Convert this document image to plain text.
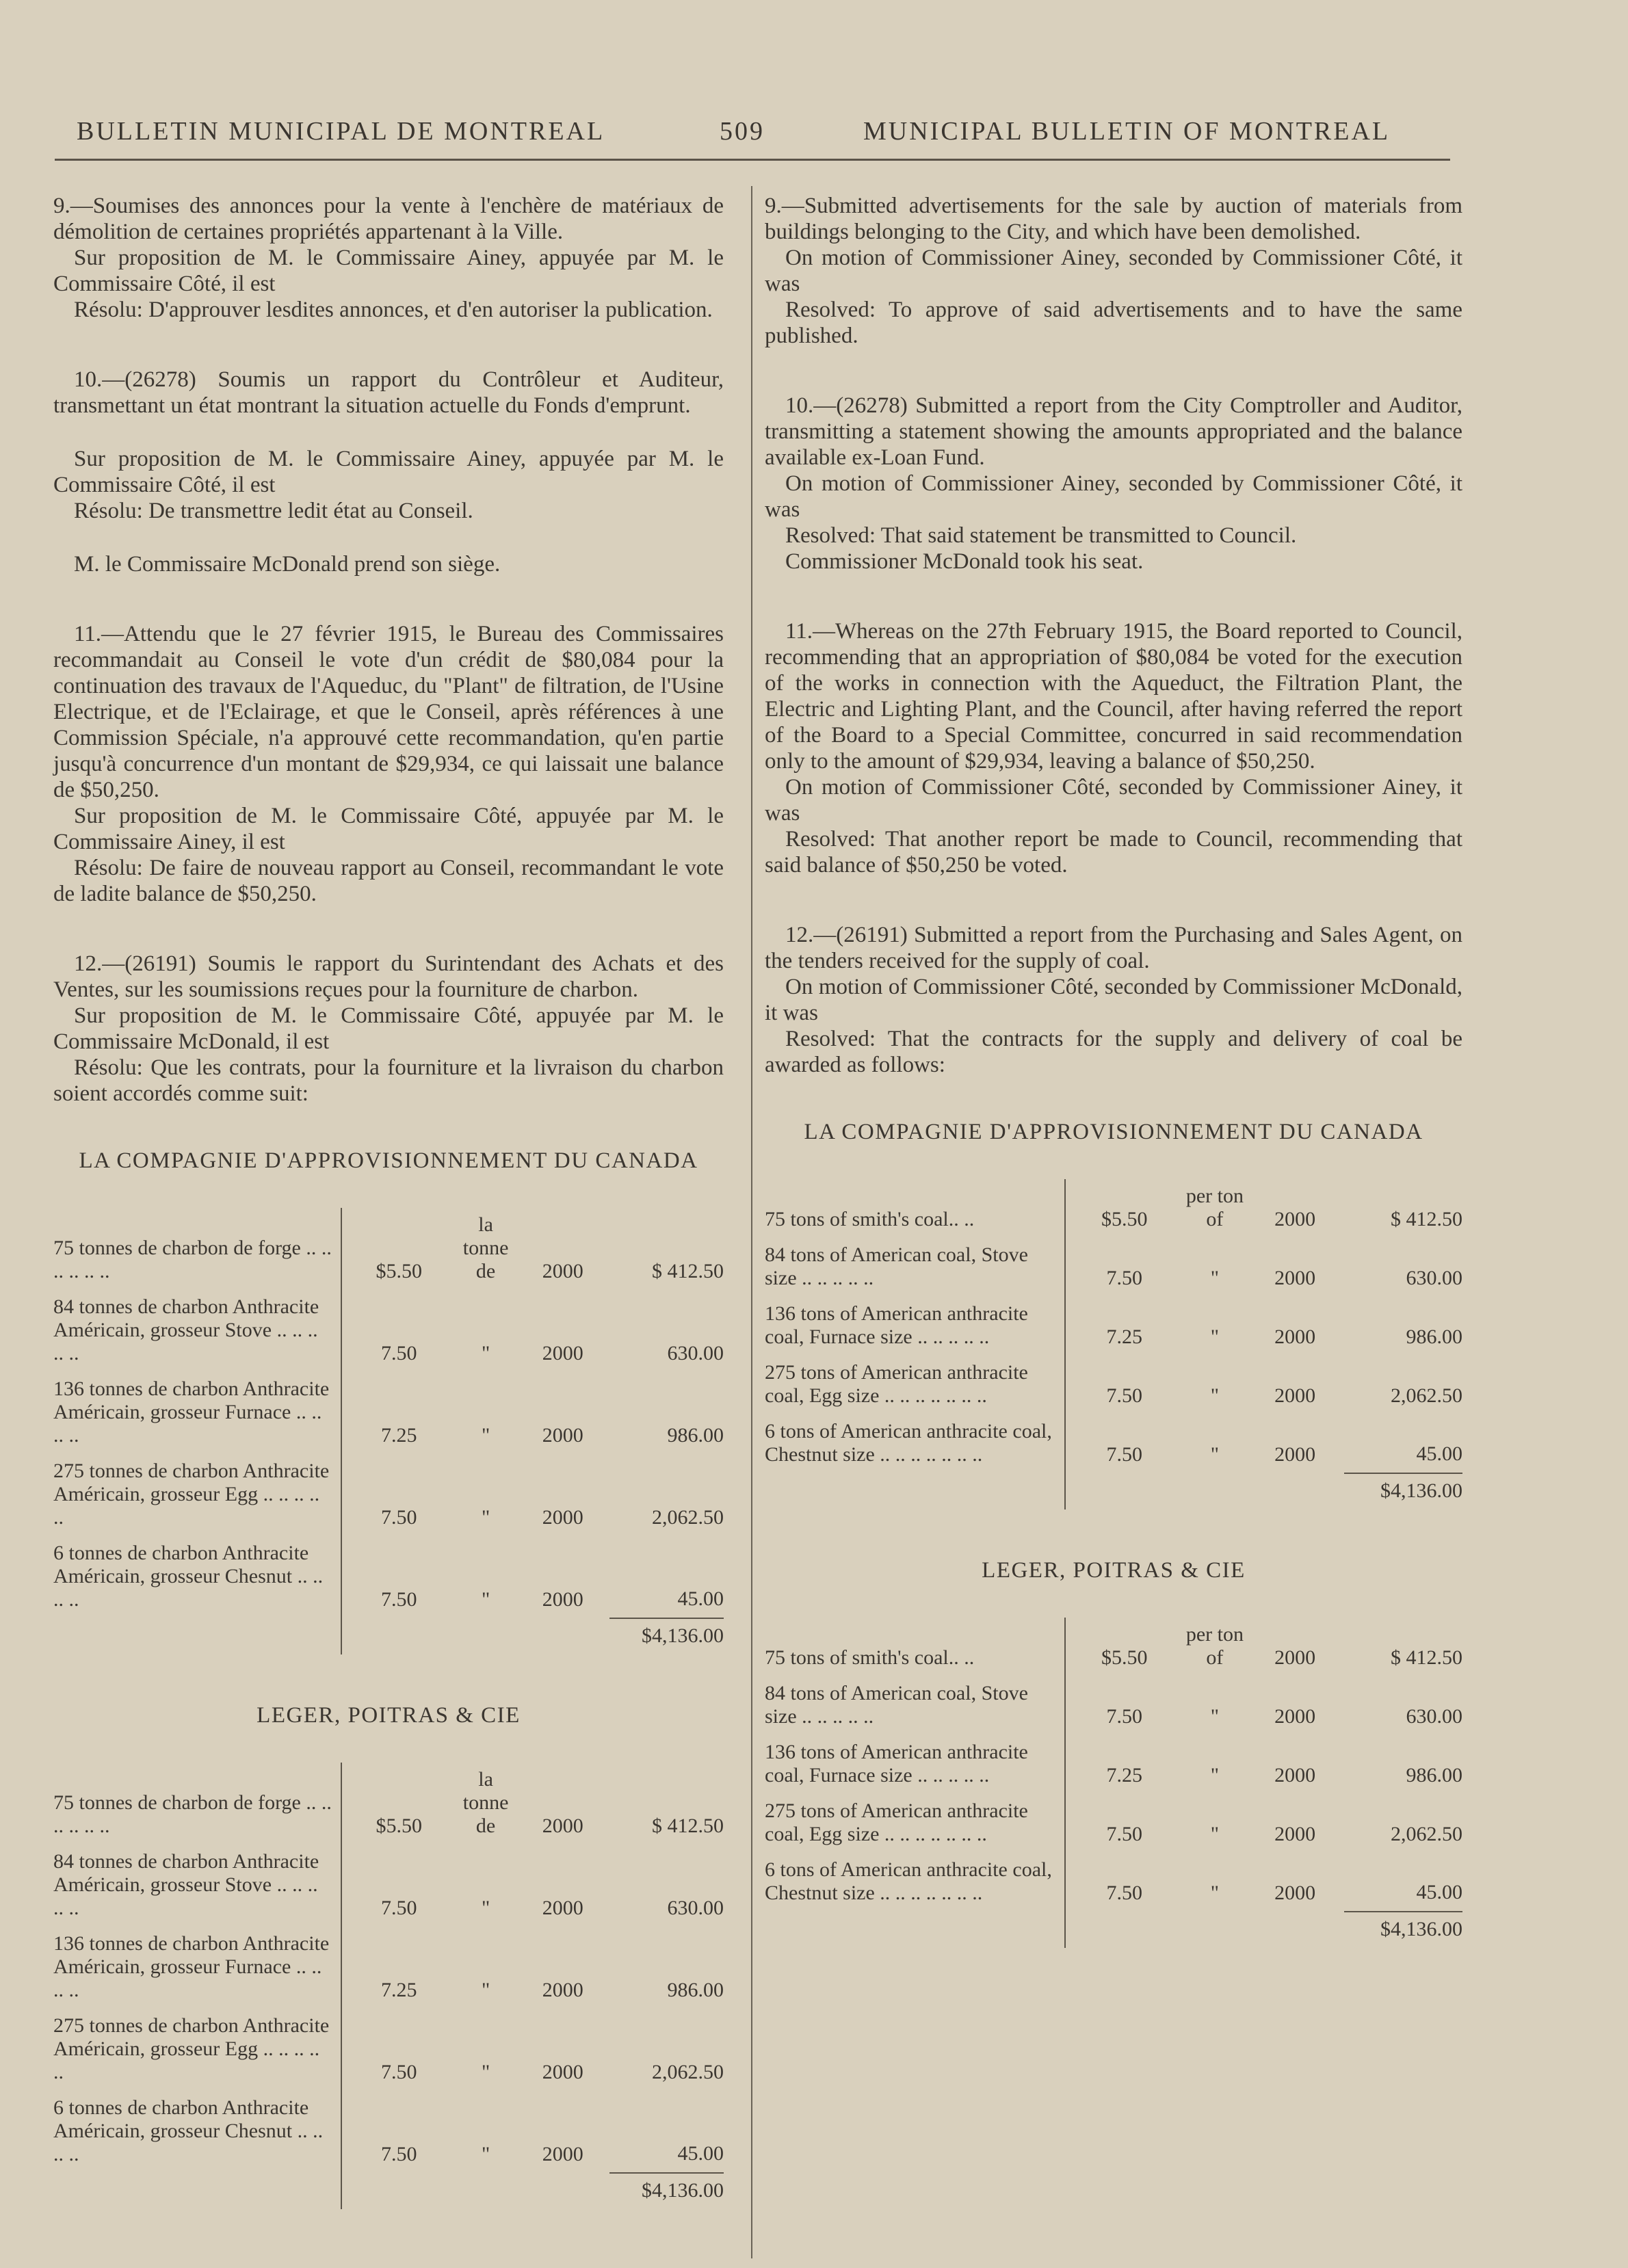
BULLETIN MUNICIPAL DE MONTREAL	509	MUNICIPAL BULLETIN OF MONTREAL

9.—Soumises des annonces pour la vente à l'enchère de matériaux de démolition de certaines propriétés appartenant à la Ville.

Sur proposition de M. le Commissaire Ainey, appuyée par M. le Commissaire Côté, il est

Résolu: D'approuver lesdites annonces, et d'en autoriser la publication.

10.—(26278) Soumis un rapport du Contrôleur et Auditeur, transmettant un état montrant la situation actuelle du Fonds d'emprunt.

Sur proposition de M. le Commissaire Ainey, appuyée par M. le Commissaire Côté, il est

Résolu: De transmettre ledit état au Conseil.

M. le Commissaire McDonald prend son siège.

11.—Attendu que le 27 février 1915, le Bureau des Commissaires recommandait au Conseil le vote d'un crédit de $80,084 pour la continuation des travaux de l'Aqueduc, du "Plant" de filtration, de l'Usine Electrique, et de l'Eclairage, et que le Conseil, après références à une Commission Spéciale, n'a approuvé cette recommandation, qu'en partie jusqu'à concurrence d'un montant de $29,934, ce qui laissait une balance de $50,250.

Sur proposition de M. le Commissaire Côté, appuyée par M. le Commissaire Ainey, il est

Résolu: De faire de nouveau rapport au Conseil, recommandant le vote de ladite balance de $50,250.

12.—(26191) Soumis le rapport du Surintendant des Achats et des Ventes, sur les soumissions reçues pour la fourniture de charbon.

Sur proposition de M. le Commissaire Côté, appuyée par M. le Commissaire McDonald, il est

Résolu: Que les contrats, pour la fourniture et la livraison du charbon soient accordés comme suit:

LA COMPAGNIE D'APPROVISIONNEMENT DU CANADA

75 tonnes de charbon de forge .. .. .. .. .. ..	$5.50	la tonne de	2000	$ 412.50
84 tonnes de charbon Anthracite Américain, grosseur Stove .. .. .. .. ..	7.50	"	2000	630.00
136 tonnes de charbon Anthracite Américain, grosseur Furnace .. .. .. ..	7.25	"	2000	986.00
275 tonnes de charbon Anthracite Américain, grosseur Egg .. .. .. .. ..	7.50	"	2000	2,062.50
6 tonnes de charbon Anthracite Américain, grosseur Chesnut .. .. .. ..	7.50	"	2000	45.00
				$4,136.00

LEGER, POITRAS & CIE

75 tonnes de charbon de forge .. .. .. .. .. ..	$5.50	la tonne de	2000	$ 412.50
84 tonnes de charbon Anthracite Américain, grosseur Stove .. .. .. .. ..	7.50	"	2000	630.00
136 tonnes de charbon Anthracite Américain, grosseur Furnace .. .. .. ..	7.25	"	2000	986.00
275 tonnes de charbon Anthracite Américain, grosseur Egg .. .. .. .. ..	7.50	"	2000	2,062.50
6 tonnes de charbon Anthracite Américain, grosseur Chesnut .. .. .. ..	7.50	"	2000	45.00
				$4,136.00

9.—Submitted advertisements for the sale by auction of materials from buildings belonging to the City, and which have been demolished.

On motion of Commissioner Ainey, seconded by Commissioner Côté, it was

Resolved: To approve of said advertisements and to have the same published.

10.—(26278) Submitted a report from the City Comptroller and Auditor, transmitting a statement showing the amounts appropriated and the balance available ex-Loan Fund.

On motion of Commissioner Ainey, seconded by Commissioner Côté, it was

Resolved: That said statement be transmitted to Council.

Commissioner McDonald took his seat.

11.—Whereas on the 27th February 1915, the Board reported to Council, recommending that an appropriation of $80,084 be voted for the execution of the works in connection with the Aqueduct, the Filtration Plant, the Electric and Lighting Plant, and the Council, after having referred the report of the Board to a Special Committee, concurred in said recommendation only to the amount of $29,934, leaving a balance of $50,250.

On motion of Commissioner Côté, seconded by Commissioner Ainey, it was

Resolved: That another report be made to Council, recommending that said balance of $50,250 be voted.

12.—(26191) Submitted a report from the Purchasing and Sales Agent, on the tenders received for the supply of coal.

On motion of Commissioner Côté, seconded by Commissioner McDonald, it was

Resolved: That the contracts for the supply and delivery of coal be awarded as follows:

LA COMPAGNIE D'APPROVISIONNEMENT DU CANADA

75 tons of smith's coal.. ..	$5.50	per ton of	2000	$ 412.50
84 tons of American coal, Stove size .. .. .. .. ..	7.50	"	2000	630.00
136 tons of American anthracite coal, Furnace size .. .. .. .. ..	7.25	"	2000	986.00
275 tons of American anthracite coal, Egg size .. .. .. .. .. .. ..	7.50	"	2000	2,062.50
6 tons of American anthracite coal, Chestnut size .. .. .. .. .. .. ..	7.50	"	2000	45.00
				$4,136.00

LEGER, POITRAS & CIE

75 tons of smith's coal.. ..	$5.50	per ton of	2000	$ 412.50
84 tons of American coal, Stove size .. .. .. .. ..	7.50	"	2000	630.00
136 tons of American anthracite coal, Furnace size .. .. .. .. ..	7.25	"	2000	986.00
275 tons of American anthracite coal, Egg size .. .. .. .. .. .. ..	7.50	"	2000	2,062.50
6 tons of American anthracite coal, Chestnut size .. .. .. .. .. .. ..	7.50	"	2000	45.00
				$4,136.00
